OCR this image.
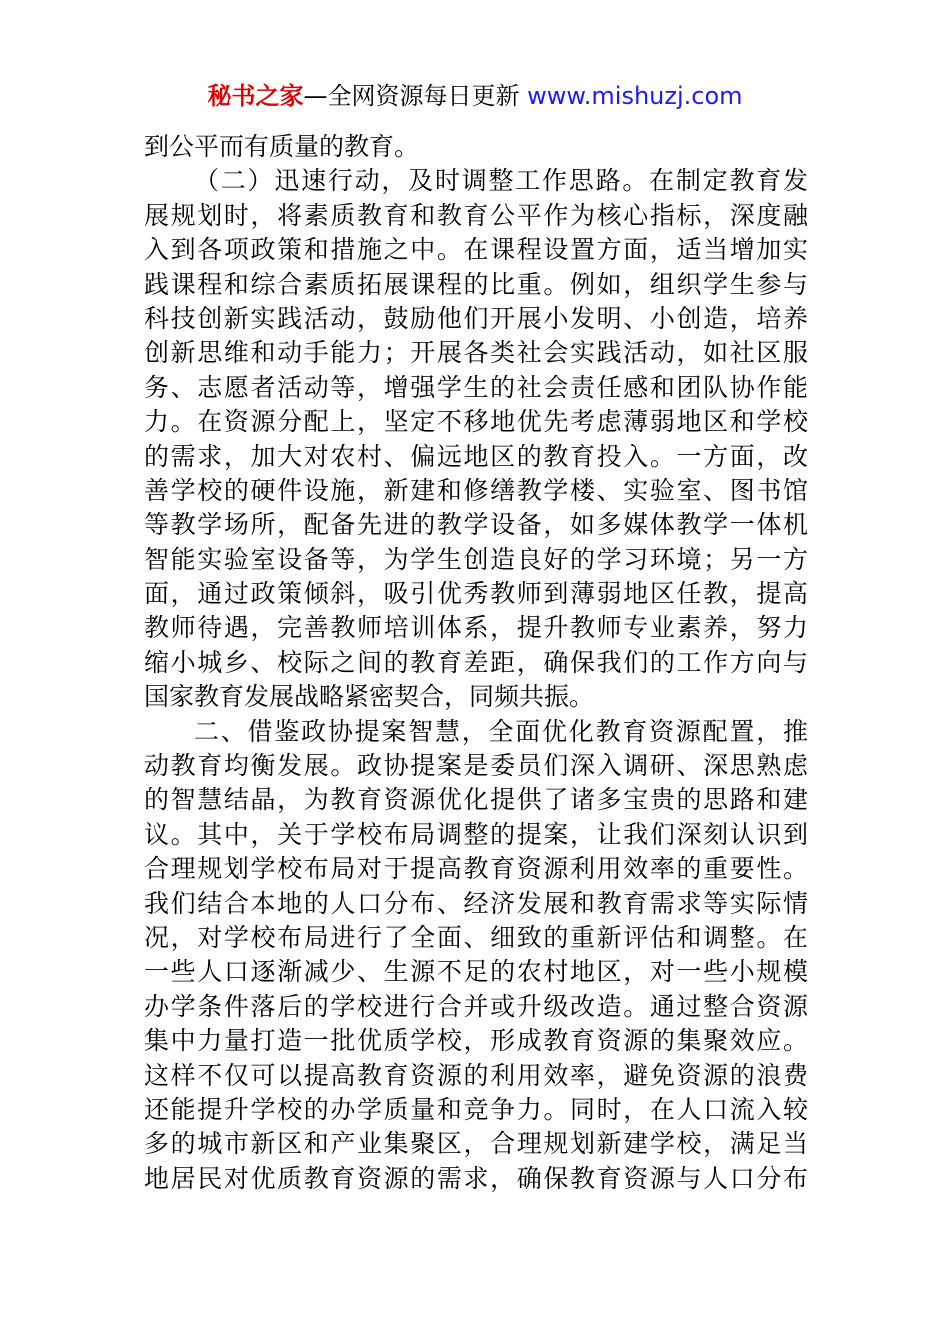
秘书之家—全网资源每日更新 www.mishuzj.com
到公平而有质量的教育。
（二）迅速行动，及时调整工作思路。在制定教育发
展规划时，将素质教育和教育公平作为核心指标，深度融
入到各项政策和措施之中。在课程设置方面，适当增加实
践课程和综合素质拓展课程的比重。例如，组织学生参与
科技创新实践活动，鼓励他们开展小发明、小创造，培养
创新思维和动手能力；开展各类社会实践活动，如社区服
务、志愿者活动等，增强学生的社会责任感和团队协作能
力。在资源分配上，坚定不移地优先考虑薄弱地区和学校
的需求，加大对农村、偏远地区的教育投入。一方面，改
善学校的硬件设施，新建和修缮教学楼、实验室、图书馆
等教学场所，配备先进的教学设备，如多媒体教学一体机
智能实验室设备等，为学生创造良好的学习环境；另一方
面，通过政策倾斜，吸引优秀教师到薄弱地区任教，提高
教师待遇，完善教师培训体系，提升教师专业素养，努力
缩小城乡、校际之间的教育差距，确保我们的工作方向与
国家教育发展战略紧密契合，同频共振。
二、借鉴政协提案智慧，全面优化教育资源配置，推
动教育均衡发展。政协提案是委员们深入调研、深思熟虑
的智慧结晶，为教育资源优化提供了诸多宝贵的思路和建
议。其中，关于学校布局调整的提案，让我们深刻认识到
合理规划学校布局对于提高教育资源利用效率的重要性。
我们结合本地的人口分布、经济发展和教育需求等实际情
况，对学校布局进行了全面、细致的重新评估和调整。在
一些人口逐渐减少、生源不足的农村地区，对一些小规模
办学条件落后的学校进行合并或升级改造。通过整合资源
集中力量打造一批优质学校，形成教育资源的集聚效应。
这样不仅可以提高教育资源的利用效率，避免资源的浪费
还能提升学校的办学质量和竞争力。同时，在人口流入较
多的城市新区和产业集聚区，合理规划新建学校，满足当
地居民对优质教育资源的需求，确保教育资源与人口分布
